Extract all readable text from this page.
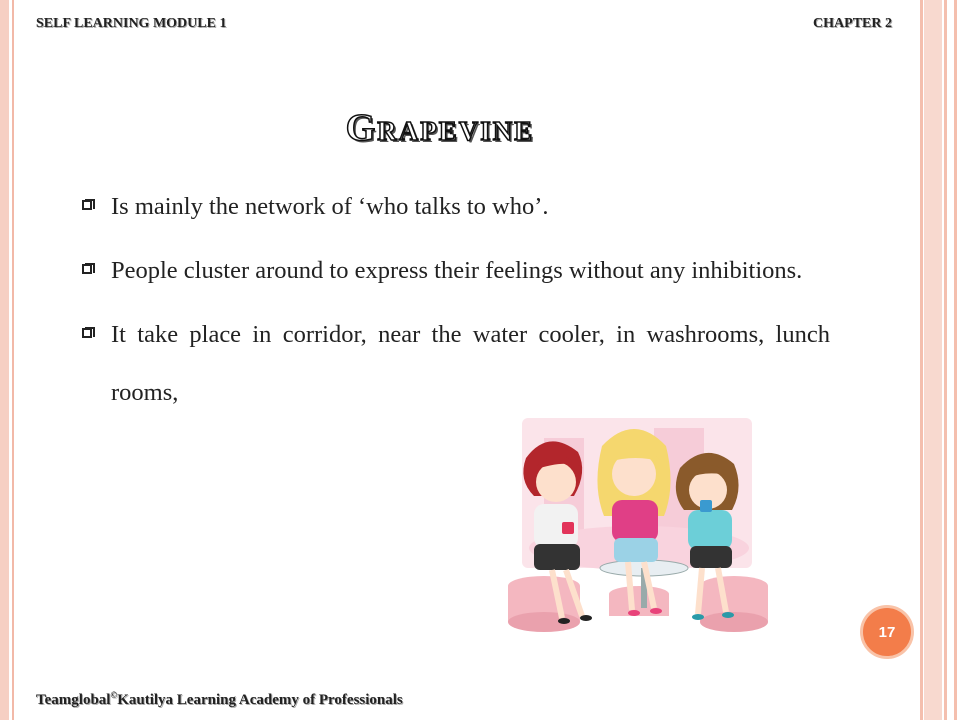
SELF LEARNING MODULE 1	CHAPTER 2
Grapevine
Is mainly the network of ‘who talks to who’.
People cluster around to express their feelings without any inhibitions.
It take place in corridor, near the water cooler, in washrooms, lunch rooms,
17
Teamglobal©Kautilya Learning Academy of Professionals
